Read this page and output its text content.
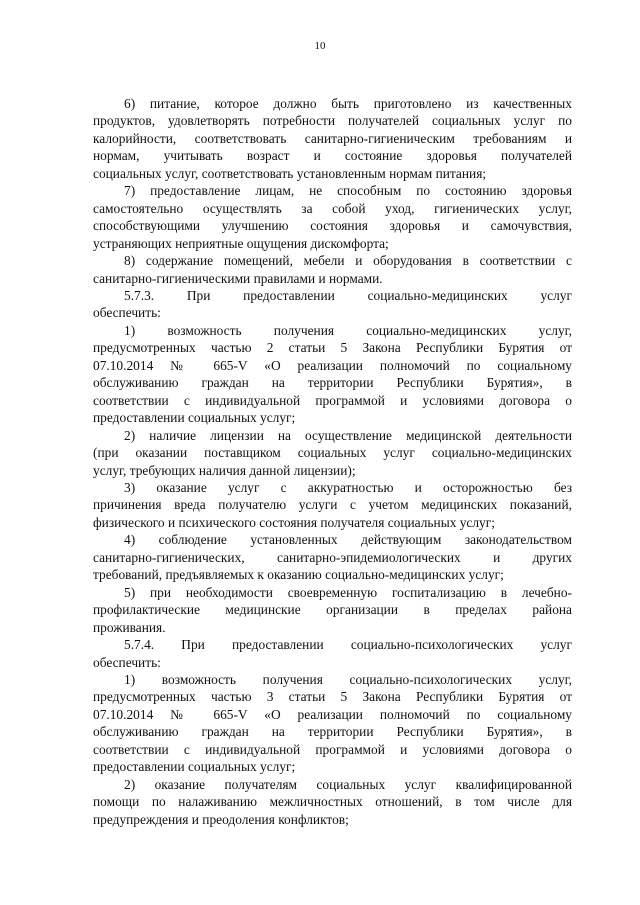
10
6) питание, которое должно быть приготовлено из качественных
продуктов, удовлетворять потребности получателей социальных услуг по
калорийности, соответствовать санитарно-гигиеническим требованиям и
нормам, учитывать возраст и состояние здоровья получателей
социальных услуг, соответствовать установленным нормам питания;
7) предоставление лицам, не способным по состоянию здоровья
самостоятельно осуществлять за собой уход, гигиенических услуг,
способствующими улучшению состояния здоровья и самочувствия,
устраняющих неприятные ощущения дискомфорта;
8) содержание помещений, мебели и оборудования в соответствии с
санитарно-гигиеническими правилами и нормами.
5.7.3. При предоставлении социально-медицинских услуг
обеспечить:
1) возможность получения социально-медицинских услуг,
предусмотренных частью 2 статьи 5 Закона Республики Бурятия от
07.10.2014 № 665-V «О реализации полномочий по социальному
обслуживанию граждан на территории Республики Бурятия», в
соответствии с индивидуальной программой и условиями договора о
предоставлении социальных услуг;
2) наличие лицензии на осуществление медицинской деятельности
(при оказании поставщиком социальных услуг социально-медицинских
услуг, требующих наличия данной лицензии);
3) оказание услуг с аккуратностью и осторожностью без
причинения вреда получателю услуги с учетом медицинских показаний,
физического и психического состояния получателя социальных услуг;
4) соблюдение установленных действующим законодательством
санитарно-гигиенических, санитарно-эпидемиологических и других
требований, предъявляемых к оказанию социально-медицинских услуг;
5) при необходимости своевременную госпитализацию в лечебно-
профилактические медицинские организации в пределах района
проживания.
5.7.4. При предоставлении социально-психологических услуг
обеспечить:
1) возможность получения социально-психологических услуг,
предусмотренных частью 3 статьи 5 Закона Республики Бурятия от
07.10.2014 № 665-V «О реализации полномочий по социальному
обслуживанию граждан на территории Республики Бурятия», в
соответствии с индивидуальной программой и условиями договора о
предоставлении социальных услуг;
2) оказание получателям социальных услуг квалифицированной
помощи по налаживанию межличностных отношений, в том числе для
предупреждения и преодоления конфликтов;
